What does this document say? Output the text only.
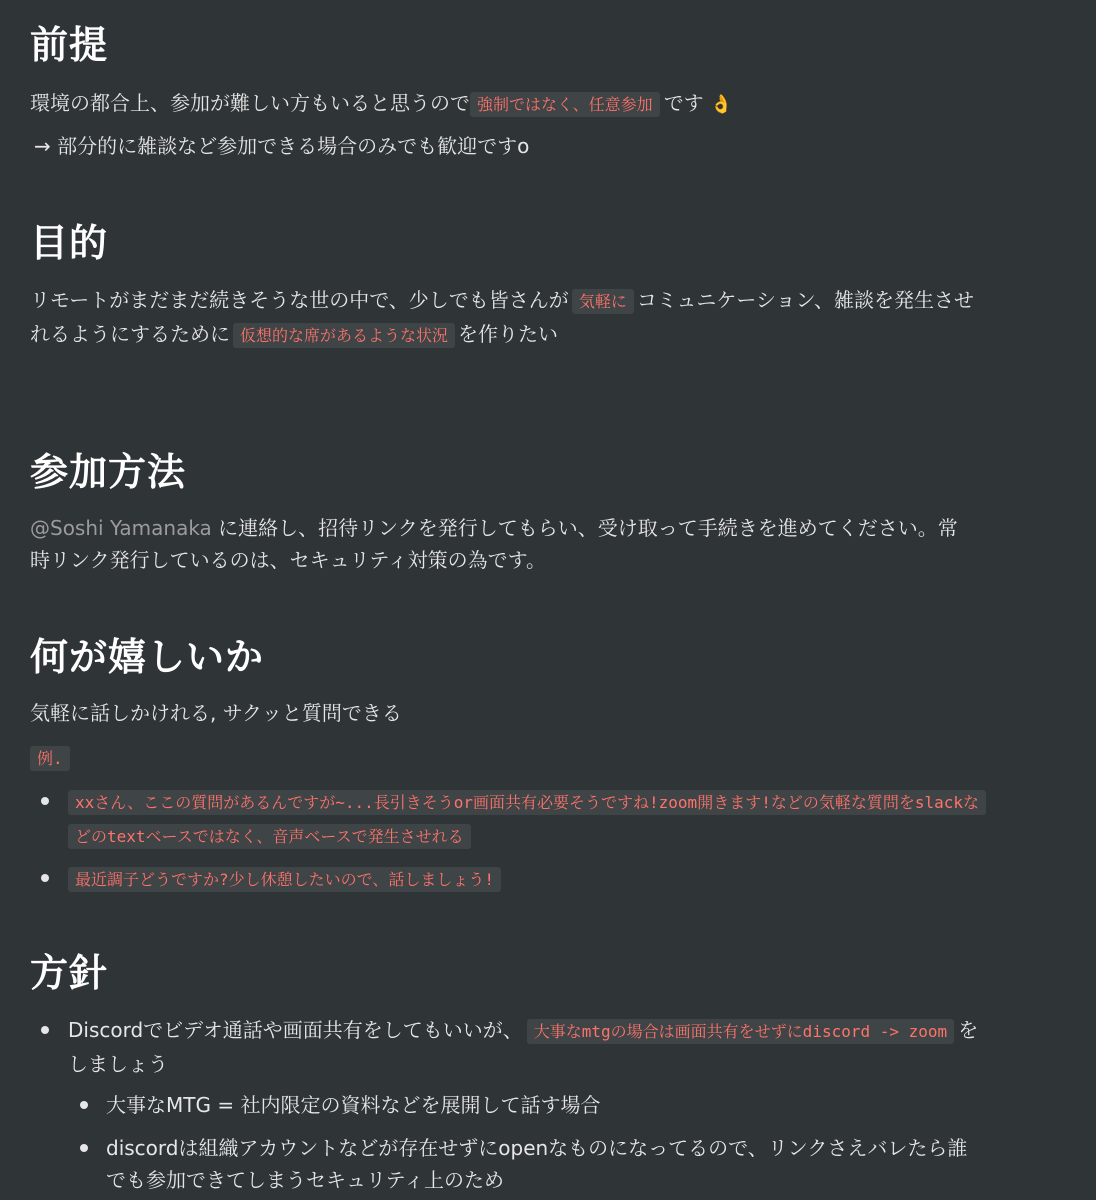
前提

環境の都合上、参加が難しい方もいると思うので 強制ではなく、任意参加 です 👌

→ 部分的に雑談など参加できる場合のみでも歓迎ですo

目的

リモートがまだまだ続きそうな世の中で、少しでも皆さんが 気軽に コミュニケーション、雑談を発生させれるようにするために 仮想的な席があるような状況 を作りたい

参加方法

@Soshi Yamanaka に連絡し、招待リンクを発行してもらい、受け取って手続きを進めてください。常時リンク発行しているのは、セキュリティ対策の為です。

何が嬉しいか

気軽に話しかけれる, サクッと質問できる

例.

xxさん、ここの質問があるんですが~...長引きそうor画面共有必要そうですね!zoom開きます!などの気軽な質問をslackなどのtextベースではなく、音声ベースで発生させれる

最近調子どうですか?少し休憩したいので、話しましょう!

方針

Discordでビデオ通話や画面共有をしてもいいが、 大事なmtgの場合は画面共有をせずにdiscord -> zoom をしましょう

大事なMTG = 社内限定の資料などを展開して話す場合

discordは組織アカウントなどが存在せずにopenなものになってるので、リンクさえバレたら誰でも参加できてしまうセキュリティ上のため
